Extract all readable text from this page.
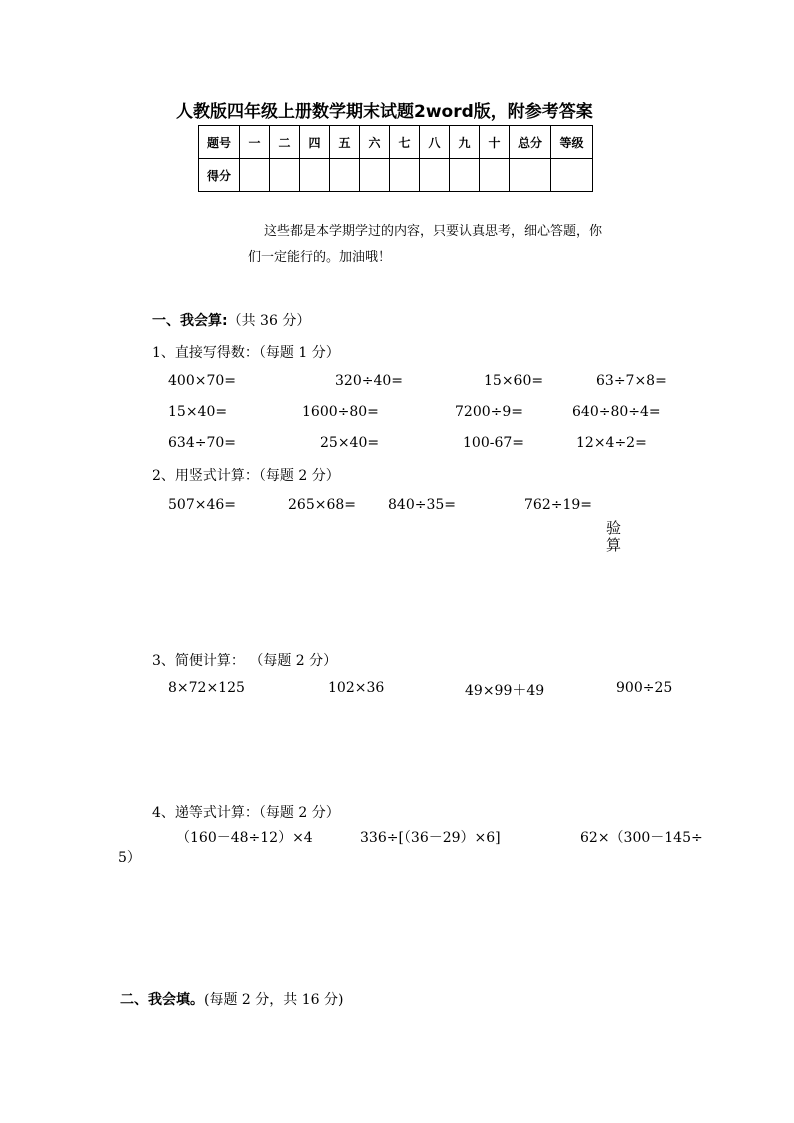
人教版四年级上册数学期末试题2word版，附参考答案
题号	一	二	四	五	六	七	八	九	十	总分	等级
得分											
这些都是本学期学过的内容，只要认真思考，细心答题，你
们一定能行的。加油哦！
一、我会算:（共 36 分）
1、直接写得数：（每题 1 分）
400×70=	320÷40=	15×60=	63÷7×8=
15×40=	1600÷80=	7200÷9=	640÷80÷4=
634÷70=	25×40=	100-67=	12×4÷2=
2、用竖式计算：（每题 2 分）
507×46=	265×68= 840÷35=	762÷19=
验
算
3、简便计算： （每题 2 分）
8×72×125	102×36	49×99＋49	900÷25
4、递等式计算：（每题 2 分）
（160－48÷12）×4	336÷[（36－29）×6]	62×（300－145÷
5）
二、我会填。(每题 2 分，共 16 分)
